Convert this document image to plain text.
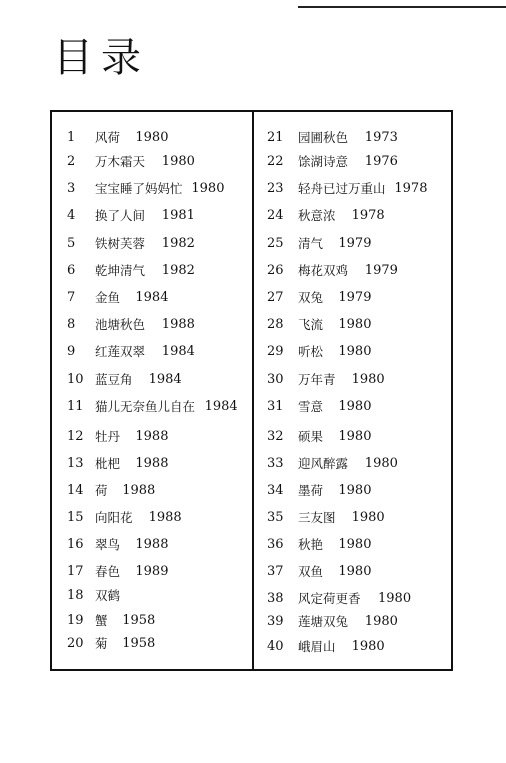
目录
1 风荷 1980
2 万木霜天 1980
3 宝宝睡了妈妈忙 1980
4 换了人间 1981
5 铁树芙蓉 1982
6 乾坤清气 1982
7 金鱼 1984
8 池塘秋色 1988
9 红莲双翠 1984
10 蓝豆角 1984
11 猫儿无奈鱼儿自在 1984
12 牡丹 1988
13 枇杷 1988
14 荷 1988
15 向阳花 1988
16 翠鸟 1988
17 春色 1989
18 双鹤
19 蟹 1958
20 菊 1958
21 园圃秋色 1973
22 馀湖诗意 1976
23 轻舟已过万重山 1978
24 秋意浓 1978
25 清气 1979
26 梅花双鸡 1979
27 双兔 1979
28 飞流 1980
29 听松 1980
30 万年青 1980
31 雪意 1980
32 硕果 1980
33 迎风醉露 1980
34 墨荷 1980
35 三友图 1980
36 秋艳 1980
37 双鱼 1980
38 风定荷更香 1980
39 莲塘双兔 1980
40 峨眉山 1980
